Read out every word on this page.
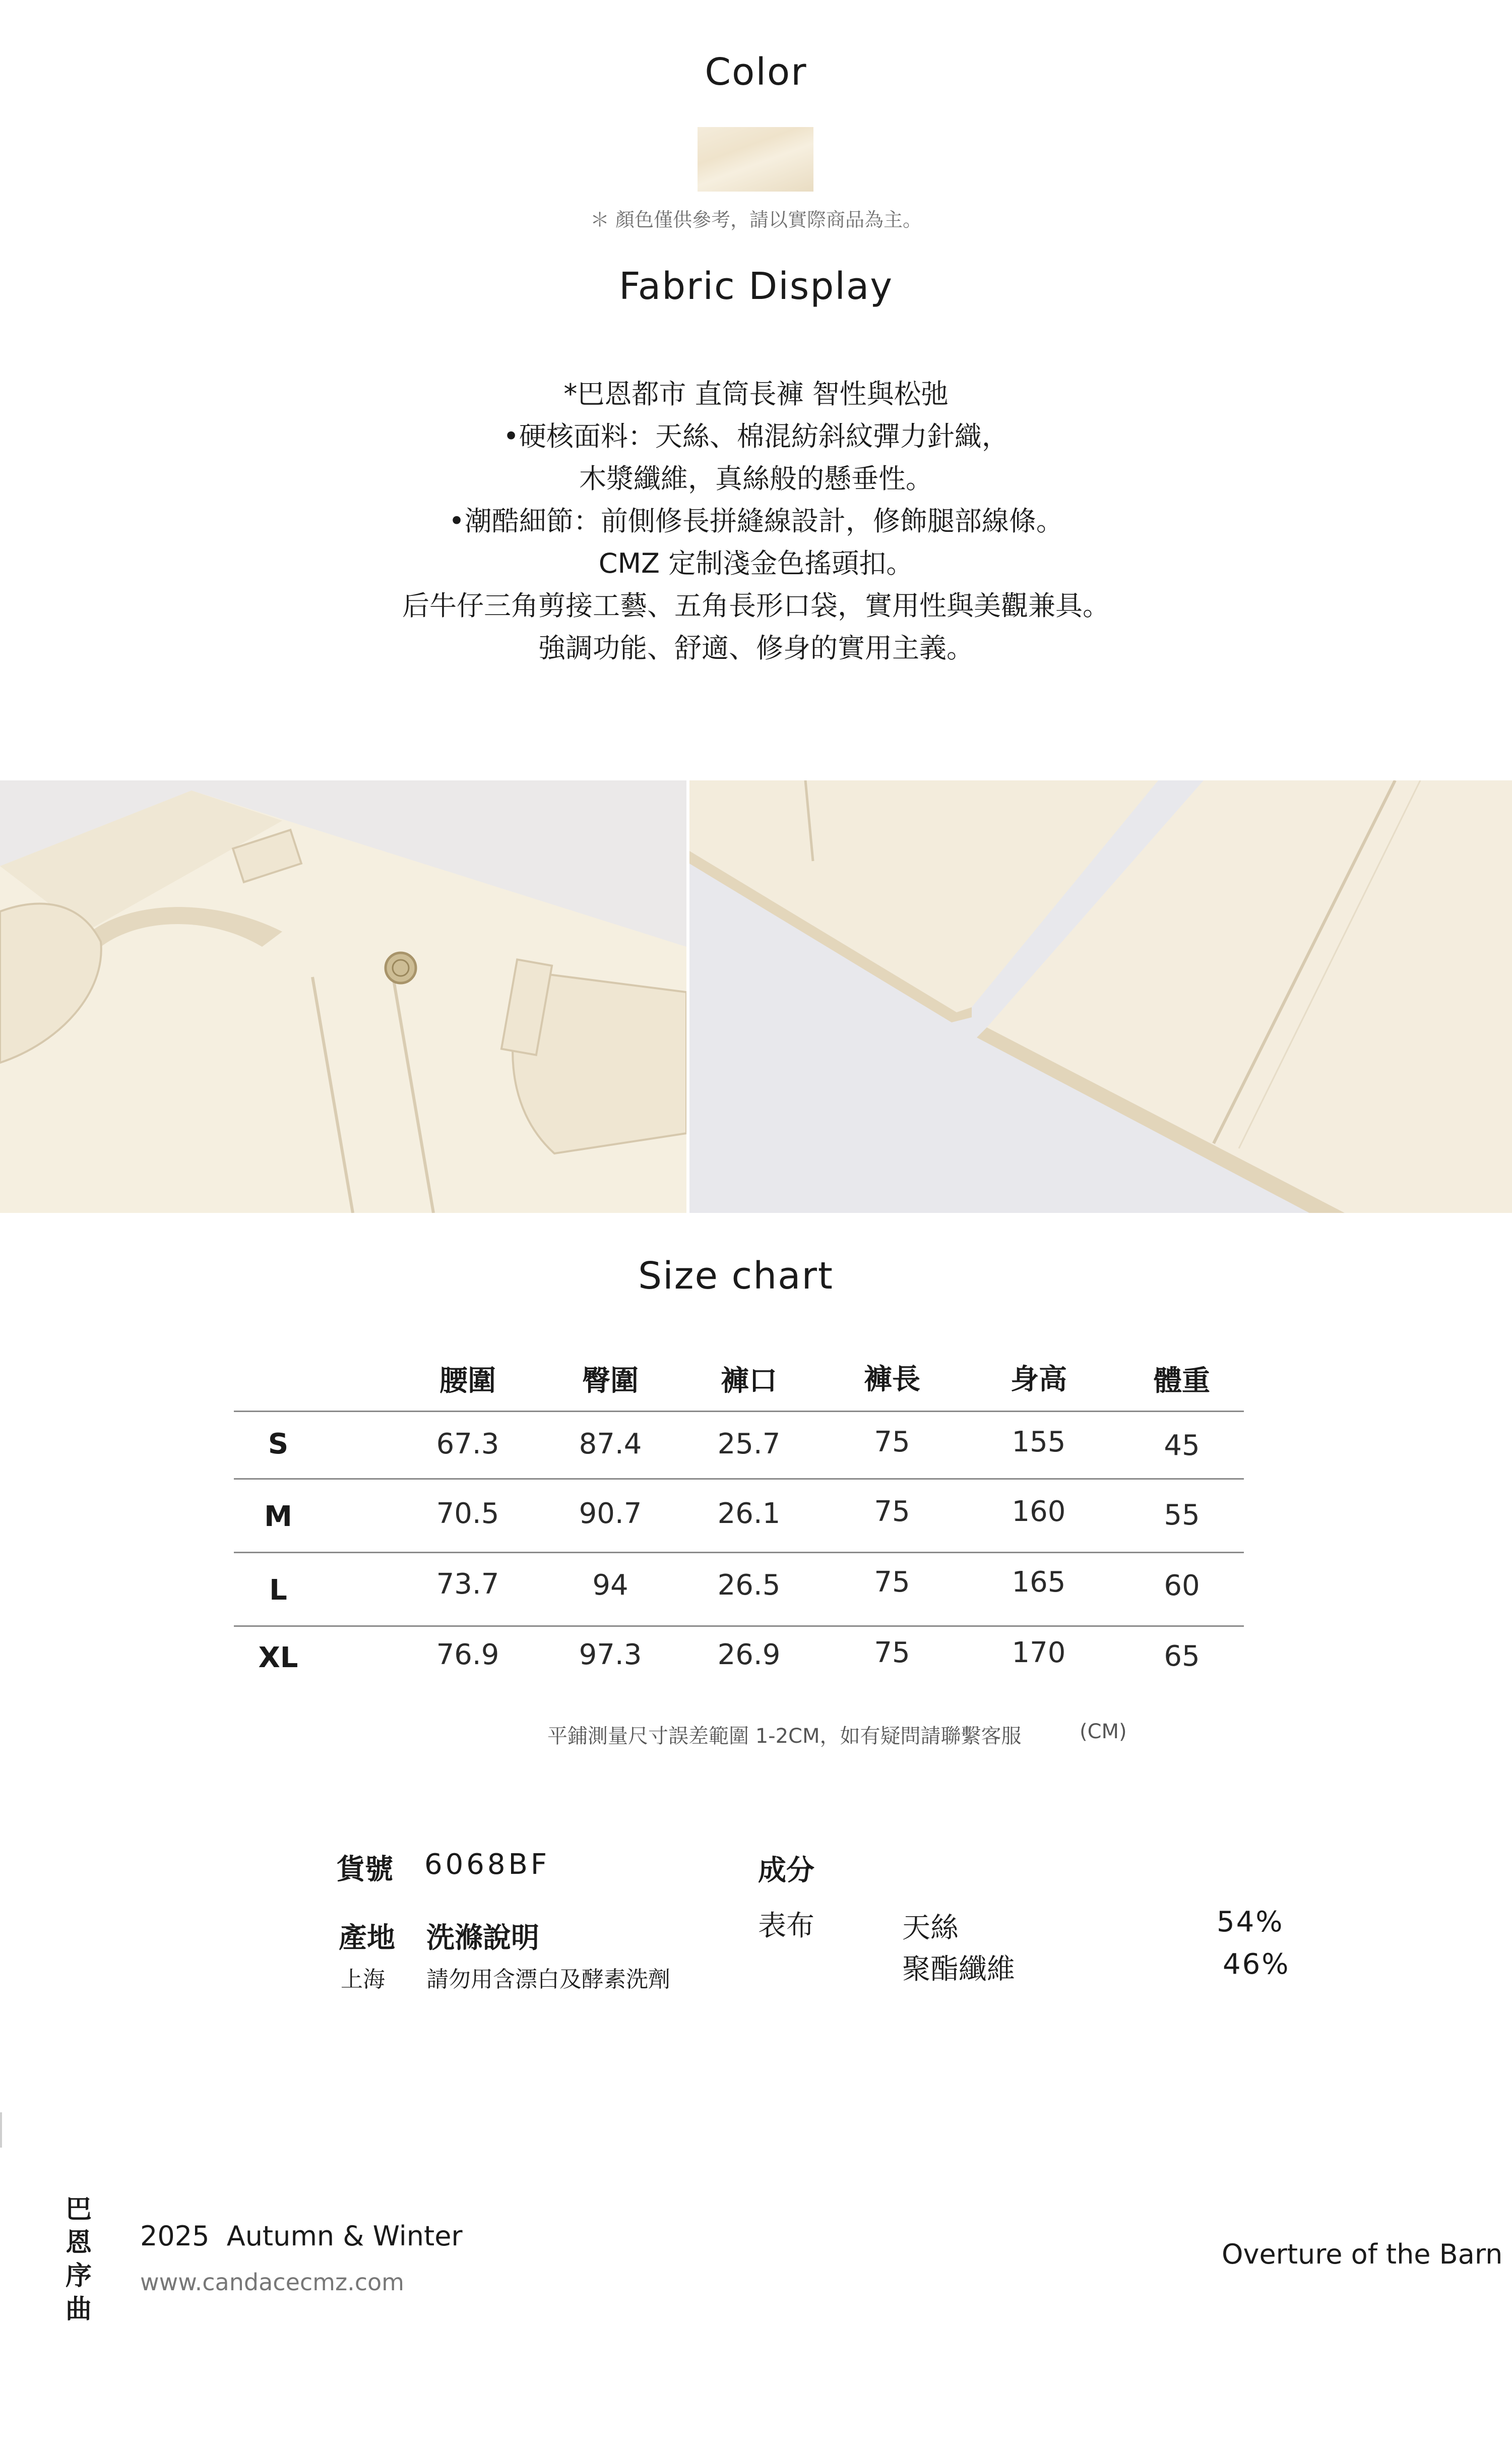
Color
＊ 顏色僅供參考，請以實際商品為主。
Fabric Display
*巴恩都市 直筒長褲 智性與松弛
•硬核面料：天絲、棉混紡斜紋彈力針織，
木漿纖維，真絲般的懸垂性。
•潮酷細節：前側修長拼縫線設計，修飾腿部線條。
CMZ 定制淺金色搖頭扣。
后牛仔三角剪接工藝、五角長形口袋，實用性與美觀兼具。
強調功能、舒適、修身的實用主義。
Size chart
腰圍	臀圍	褲口	褲長	身高	體重
S	67.3	87.4	25.7	75	155	45
M	70.5	90.7	26.1	75	160	55
L	73.7	94	26.5	75	165	60
XL	76.9	97.3	26.9	75	170	65
平鋪測量尺寸誤差範圍 1-2CM，如有疑問請聯繫客服	(CM)
貨號 6068BF
產地 洗滌說明
上海 請勿用含漂白及酵素洗劑
成分
表布	天絲	54%
聚酯纖維	46%
巴
恩
序
曲
2025  Autumn & Winter
www.candacecmz.com
Overture of the Barn
